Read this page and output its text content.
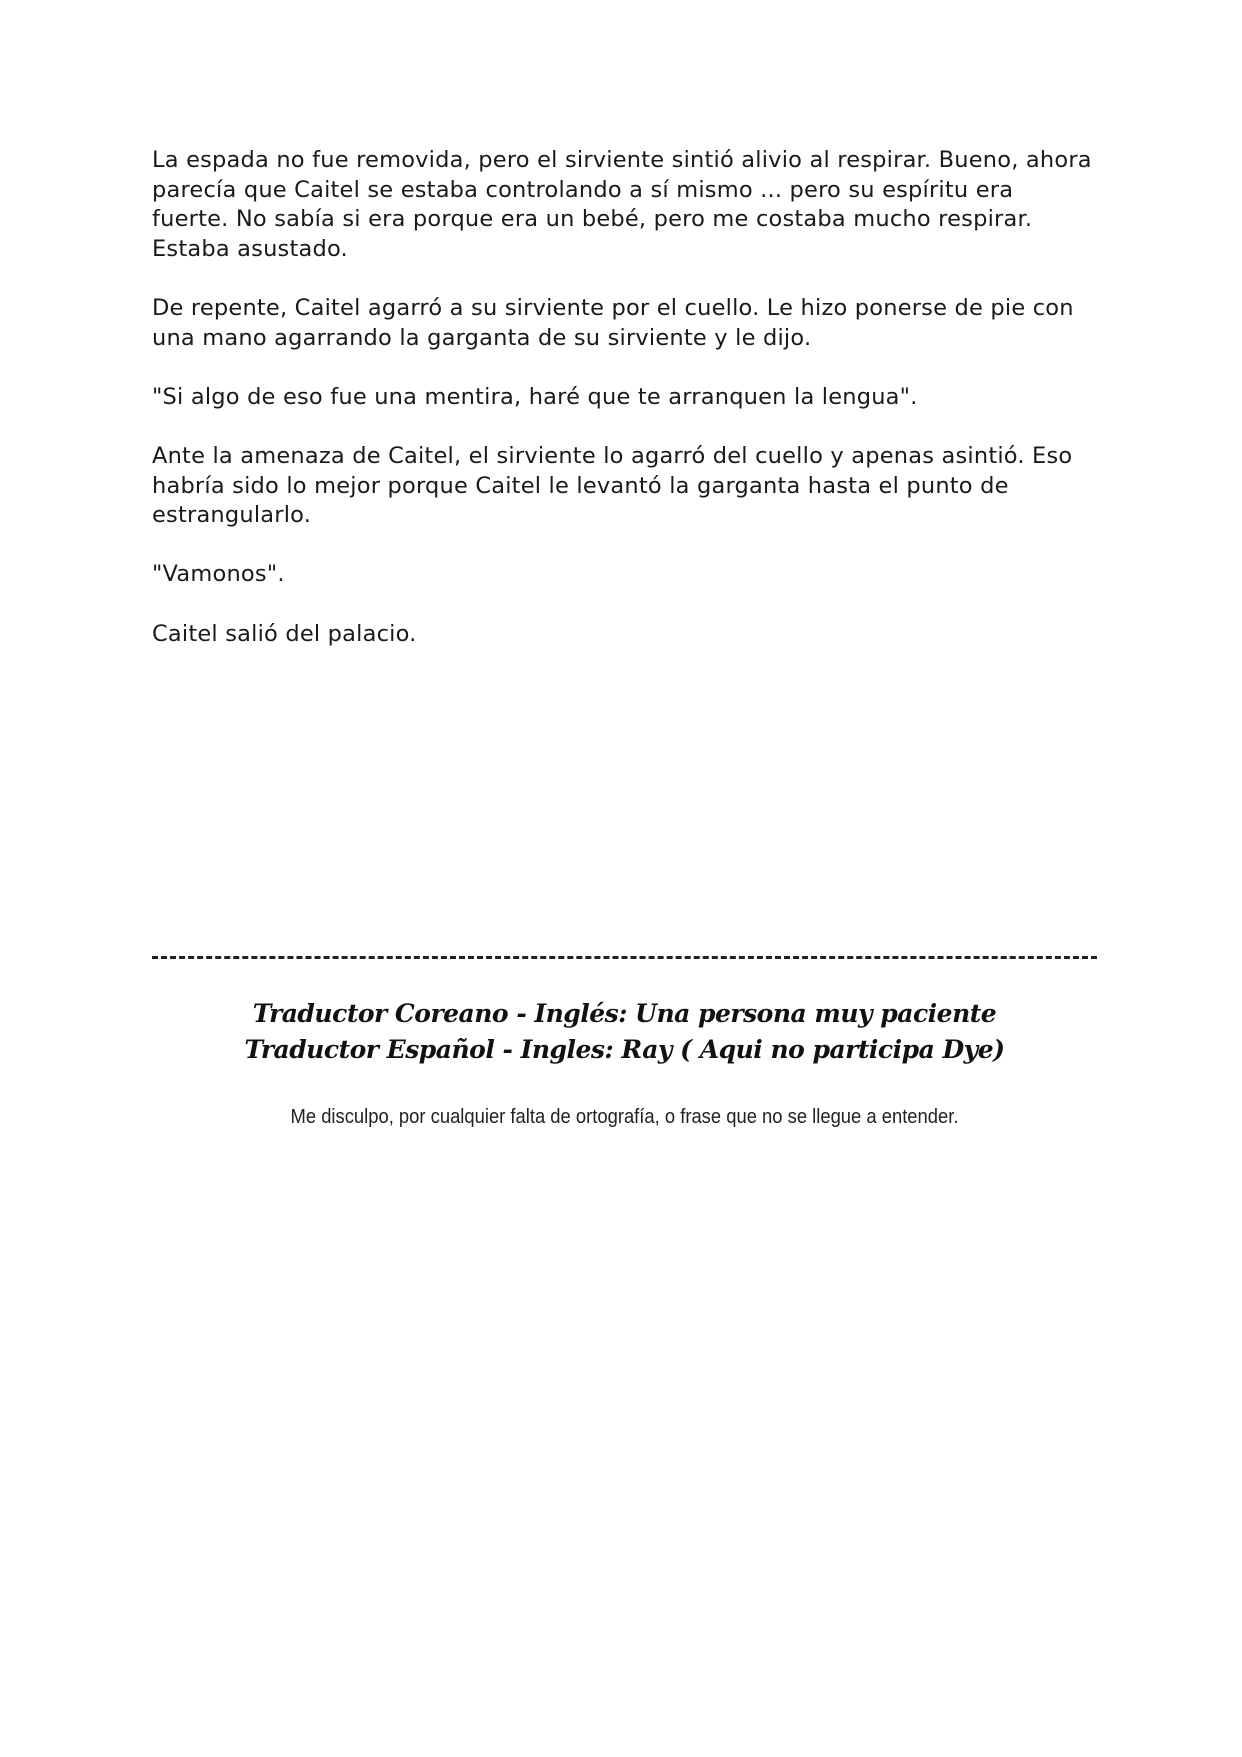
La espada no fue removida, pero el sirviente sintió alivio al respirar. Bueno, ahora parecía que Caitel se estaba controlando a sí mismo ... pero su espíritu era fuerte. No sabía si era porque era un bebé, pero me costaba mucho respirar. Estaba asustado.

De repente, Caitel agarró a su sirviente por el cuello. Le hizo ponerse de pie con una mano agarrando la garganta de su sirviente y le dijo.

"Si algo de eso fue una mentira, haré que te arranquen la lengua".

Ante la amenaza de Caitel, el sirviente lo agarró del cuello y apenas asintió. Eso habría sido lo mejor porque Caitel le levantó la garganta hasta el punto de estrangularlo.

"Vamonos".

Caitel salió del palacio.

Traductor Coreano - Inglés: Una persona muy paciente
Traductor Español - Ingles: Ray ( Aqui no participa Dye)
Me disculpo, por cualquier falta de ortografía, o frase que no se llegue a entender.
